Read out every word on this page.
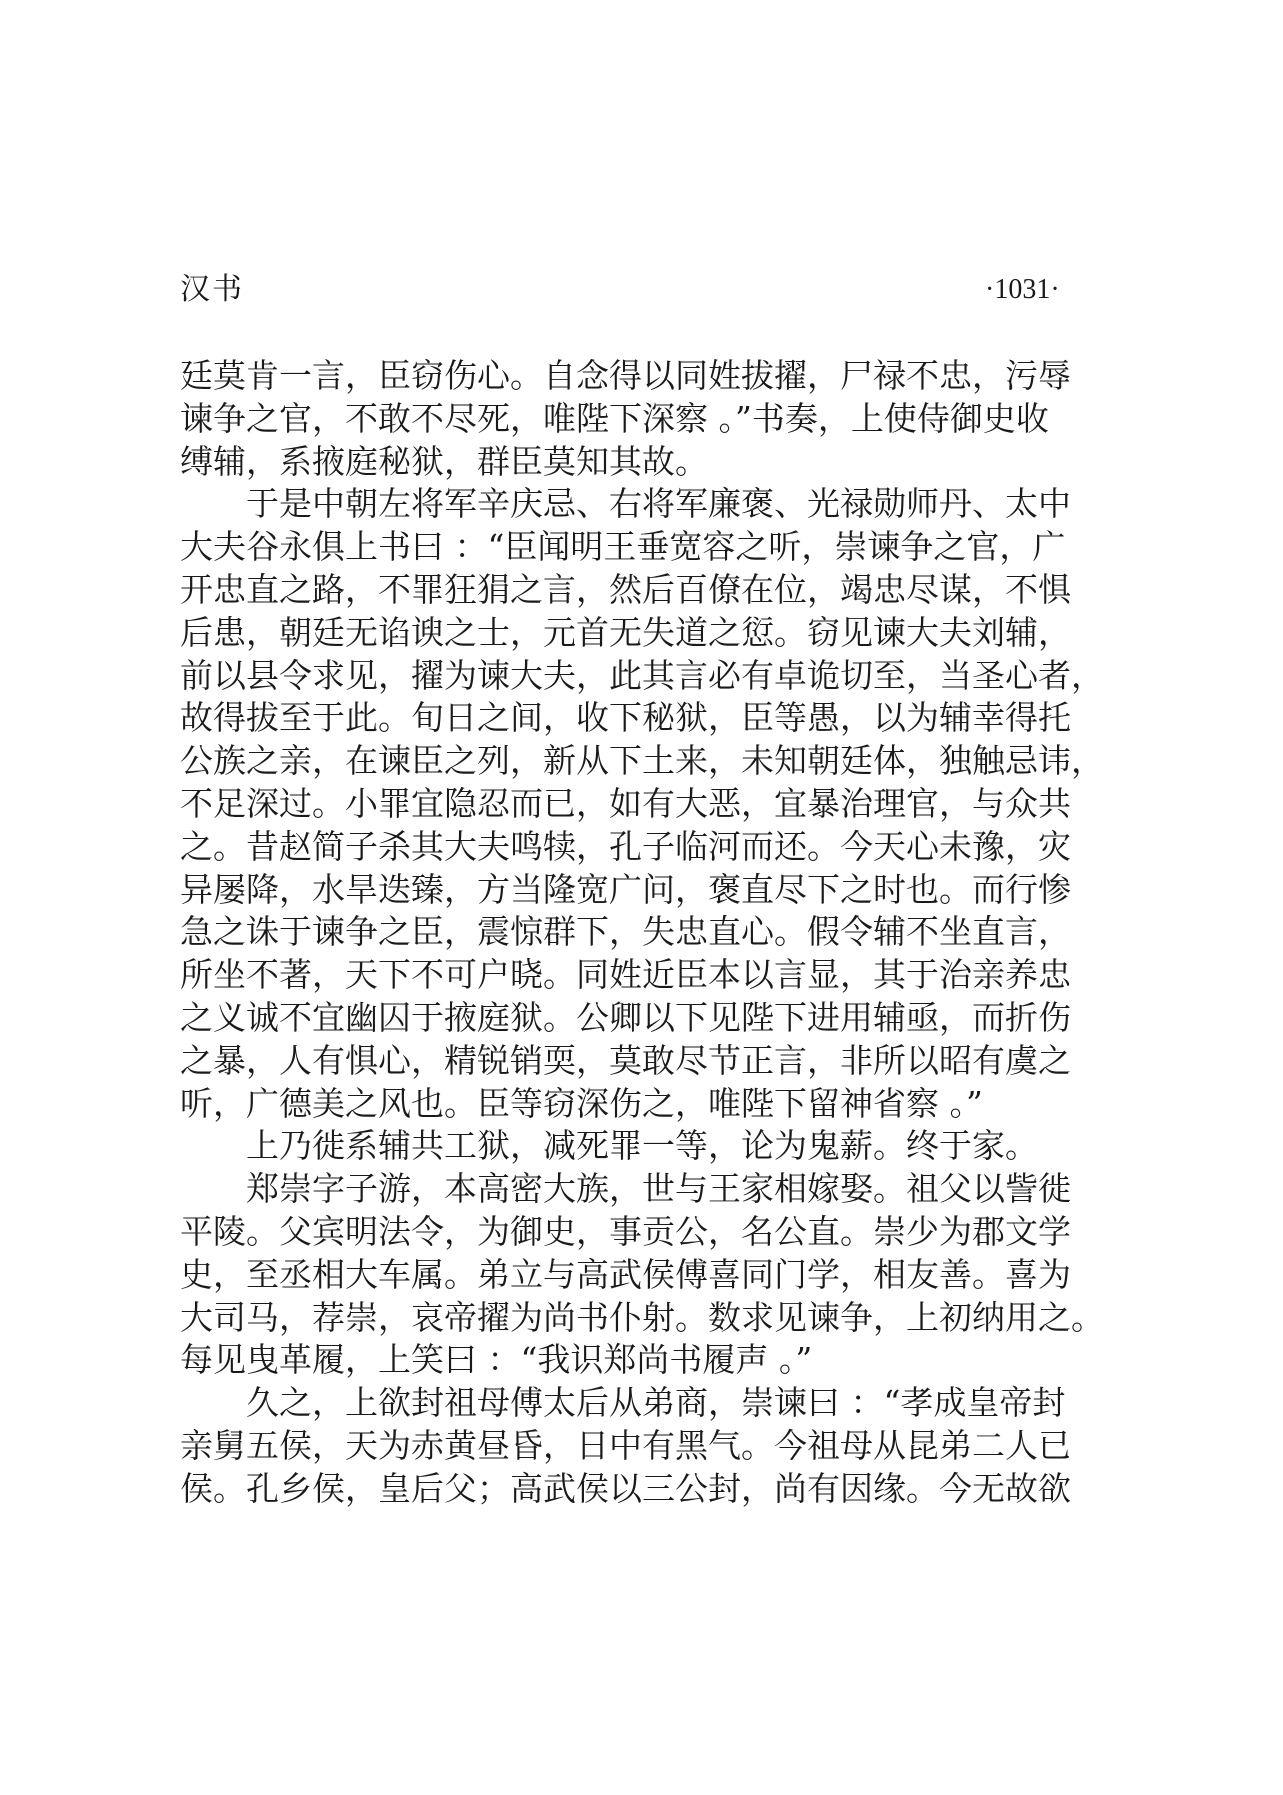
汉书	·1031·
廷莫肯一言，臣窃伤心。自念得以同姓拔擢，尸禄不忠，污辱
谏争之官，不敢不尽死，唯陛下深察 。”书奏，上使侍御史收
缚辅，系掖庭秘狱，群臣莫知其故。
　　于是中朝左将军辛庆忌、右将军廉褒、光禄勋师丹、太中
大夫谷永俱上书曰 ：“臣闻明王垂宽容之听，崇谏争之官，广
开忠直之路，不罪狂狷之言，然后百僚在位，竭忠尽谋，不惧
后患，朝廷无谄谀之士，元首无失道之愆。窃见谏大夫刘辅，
前以县令求见，擢为谏大夫，此其言必有卓诡切至，当圣心者，
故得拔至于此。旬日之间，收下秘狱，臣等愚，以为辅幸得托
公族之亲，在谏臣之列，新从下土来，未知朝廷体，独触忌讳，
不足深过。小罪宜隐忍而已，如有大恶，宜暴治理官，与众共
之。昔赵简子杀其大夫鸣犊，孔子临河而还。今天心未豫，灾
异屡降，水旱迭臻，方当隆宽广问，褒直尽下之时也。而行惨
急之诛于谏争之臣，震惊群下，失忠直心。假令辅不坐直言，
所坐不著，天下不可户晓。同姓近臣本以言显，其于治亲养忠
之义诚不宜幽囚于掖庭狱。公卿以下见陛下进用辅亟，而折伤
之暴，人有惧心，精锐销耎，莫敢尽节正言，非所以昭有虞之
听，广德美之风也。臣等窃深伤之，唯陛下留神省察 。”
　　上乃徙系辅共工狱，减死罪一等，论为鬼薪。终于家。
　　郑崇字子游，本高密大族，世与王家相嫁娶。祖父以訾徙
平陵。父宾明法令，为御史，事贡公，名公直。崇少为郡文学
史，至丞相大车属。弟立与高武侯傅喜同门学，相友善。喜为
大司马，荐崇，哀帝擢为尚书仆射。数求见谏争，上初纳用之。
每见曳革履，上笑曰 ：“我识郑尚书履声 。”
　　久之，上欲封祖母傅太后从弟商，崇谏曰 ：“孝成皇帝封
亲舅五侯，天为赤黄昼昏，日中有黑气。今祖母从昆弟二人已
侯。孔乡侯，皇后父；高武侯以三公封，尚有因缘。今无故欲
